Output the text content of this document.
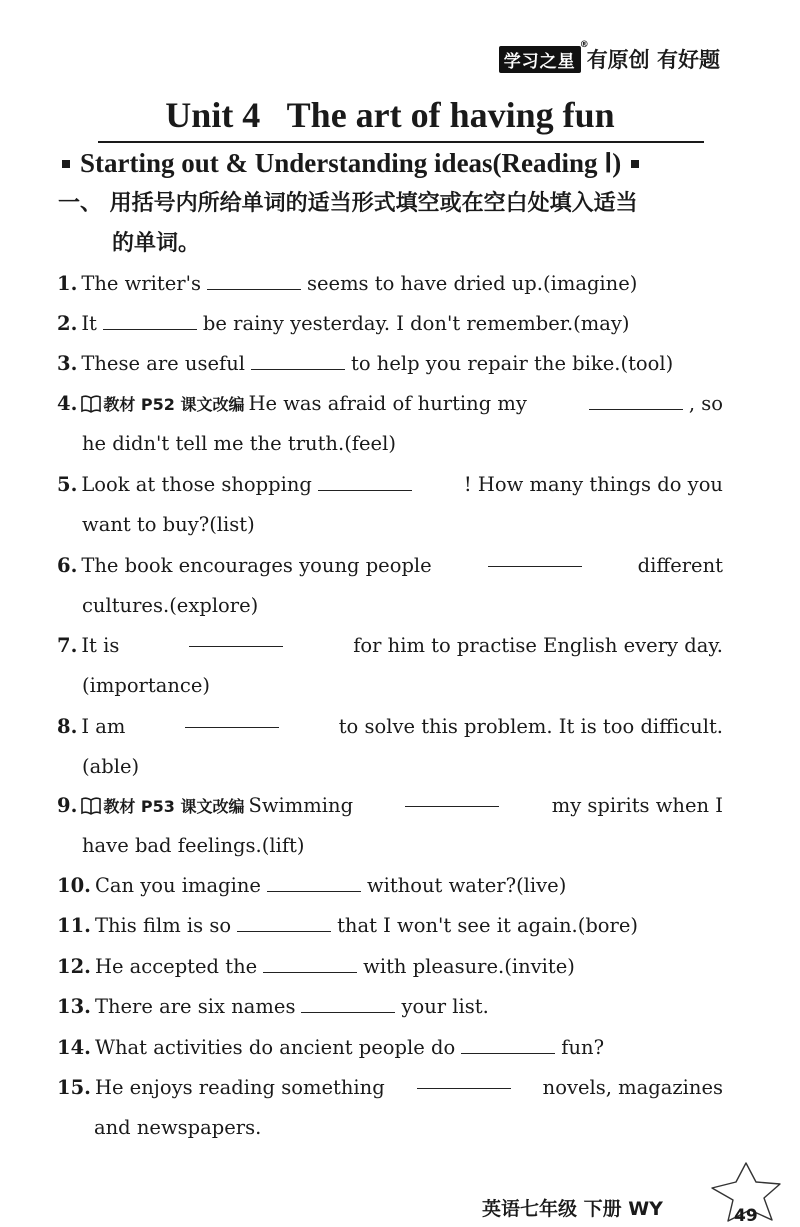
学习之星
®
有原创 有好题
Unit 4   The art of having fun
Starting out & Understanding ideas(Reading Ⅰ)
一、 用括号内所给单词的适当形式填空或在空白处填入适当
的单词。
1. The writer's	seems to have dried up.(imagine)
2. It	be rainy yesterday. I don't remember.(may)
3. These are useful	to help you repair the bike.(tool)
4. 教材 P52 课文改编 He was afraid of hurting my	, so
he didn't tell me the truth.(feel)
5. Look at those shopping	! How many things do you
want to buy?(list)
6. The book encourages young people	different
cultures.(explore)
7. It is	for him to practise English every day.
(importance)
8. I am	to solve this problem. It is too difficult.
(able)
9. 教材 P53 课文改编 Swimming	my spirits when I
have bad feelings.(lift)
10. Can you imagine	without water?(live)
11. This film is so	that I won't see it again.(bore)
12. He accepted the	with pleasure.(invite)
13. There are six names	your list.
14. What activities do ancient people do	fun?
15. He enjoys reading something	novels, magazines
and newspapers.
英语七年级 下册 WY	49
